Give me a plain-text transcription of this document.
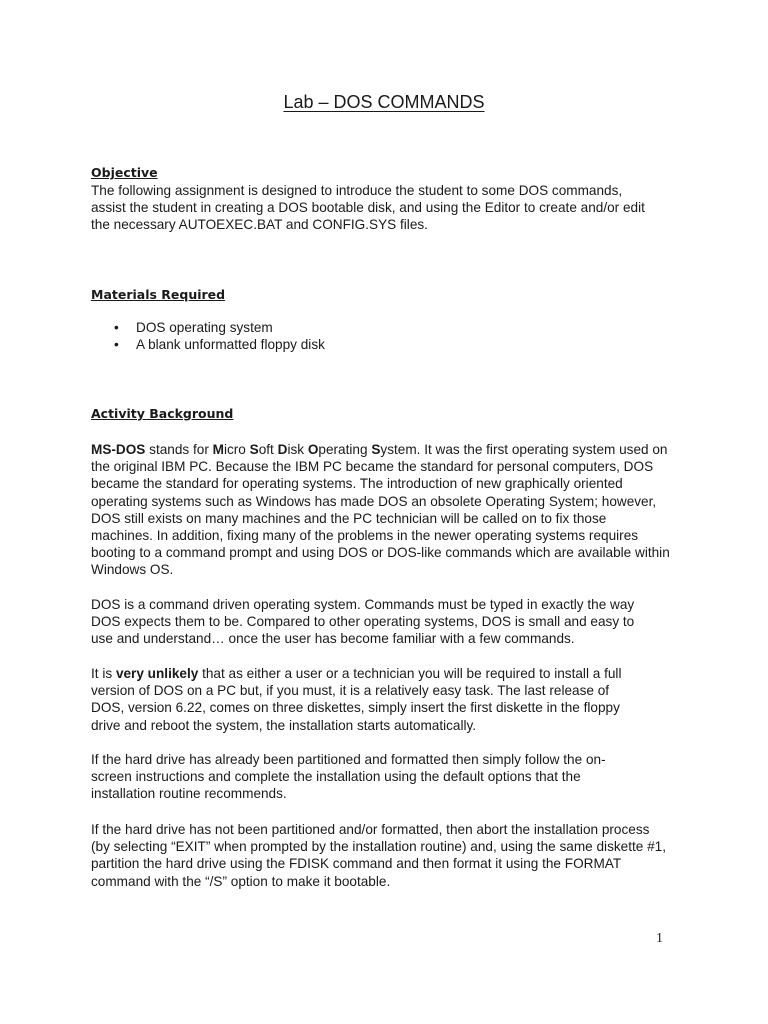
Lab – DOS COMMANDS
Objective

The following assignment is designed to introduce the student to some DOS commands, assist the student in creating a DOS bootable disk, and using the Editor to create and/or edit the necessary AUTOEXEC.BAT and CONFIG.SYS files.

Materials Required
• DOS operating system
• A blank unformatted floppy disk
Activity Background

MS-DOS stands for Micro Soft Disk Operating System. It was the first operating system used on the original IBM PC. Because the IBM PC became the standard for personal computers, DOS became the standard for operating systems. The introduction of new graphically oriented operating systems such as Windows has made DOS an obsolete Operating System; however, DOS still exists on many machines and the PC technician will be called on to fix those machines. In addition, fixing many of the problems in the newer operating systems requires booting to a command prompt and using DOS or DOS-like commands which are available within Windows OS.

DOS is a command driven operating system. Commands must be typed in exactly the way DOS expects them to be. Compared to other operating systems, DOS is small and easy to use and understand… once the user has become familiar with a few commands.

It is very unlikely that as either a user or a technician you will be required to install a full version of DOS on a PC but, if you must, it is a relatively easy task. The last release of DOS, version 6.22, comes on three diskettes, simply insert the first diskette in the floppy drive and reboot the system, the installation starts automatically.

If the hard drive has already been partitioned and formatted then simply follow the on-screen instructions and complete the installation using the default options that the installation routine recommends.

If the hard drive has not been partitioned and/or formatted, then abort the installation process (by selecting “EXIT” when prompted by the installation routine) and, using the same diskette #1, partition the hard drive using the FDISK command and then format it using the FORMAT command with the “/S” option to make it bootable.

1
